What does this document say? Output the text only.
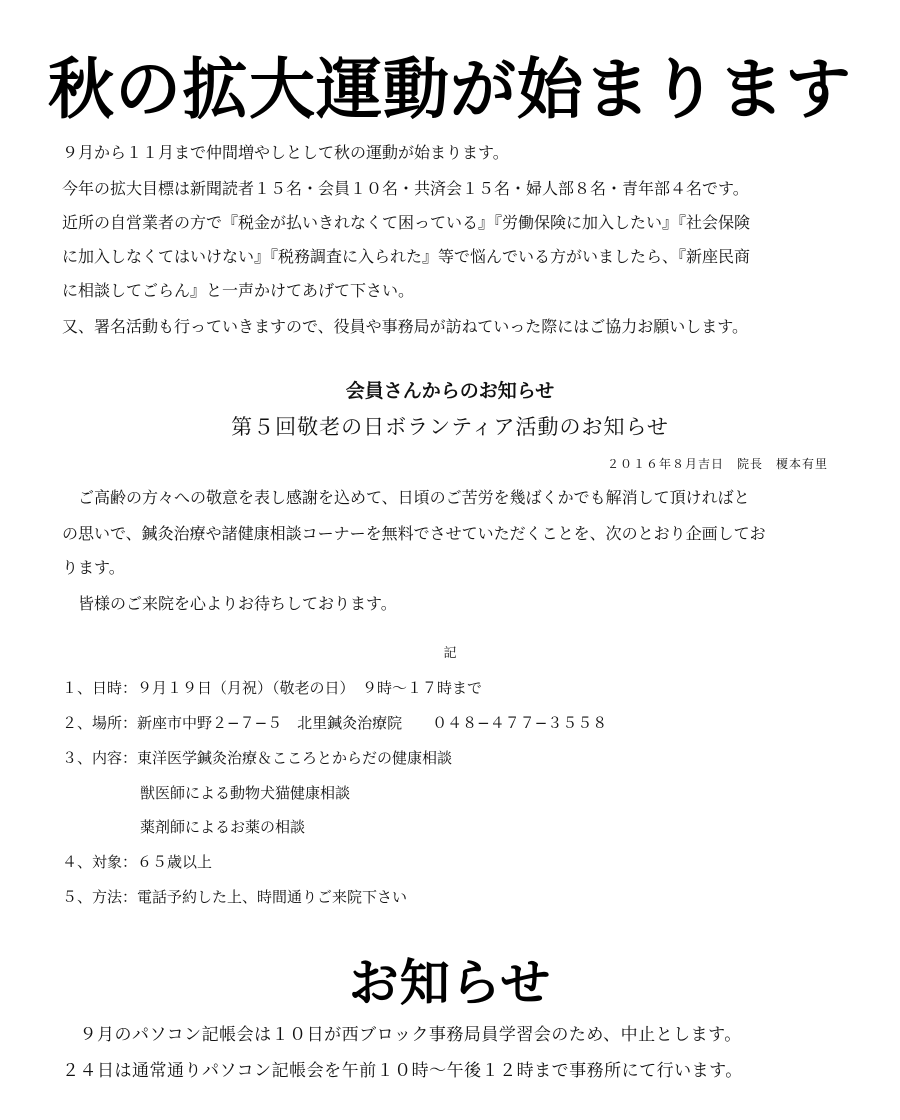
秋の拡大運動が始まります
９月から１１月まで仲間増やしとして秋の運動が始まります。
今年の拡大目標は新聞読者１５名・会員１０名・共済会１５名・婦人部８名・青年部４名です。
近所の自営業者の方で『税金が払いきれなくて困っている』『労働保険に加入したい』『社会保険
に加入しなくてはいけない』『税務調査に入られた』等で悩んでいる方がいましたら、『新座民商
に相談してごらん』と一声かけてあげて下さい。
又、署名活動も行っていきますので、役員や事務局が訪ねていった際にはご協力お願いします。
会員さんからのお知らせ
第５回敬老の日ボランティア活動のお知らせ
２０１６年８月吉日　院長　榎本有里
　ご高齢の方々への敬意を表し感謝を込めて、日頃のご苦労を幾ばくかでも解消して頂ければと
の思いで、鍼灸治療や諸健康相談コーナーを無料でさせていただくことを、次のとおり企画してお
ります。
　皆様のご来院を心よりお待ちしております。
記
１、日時：９月１９日（月祝）（敬老の日）　９時〜１７時まで
２、場所：新座市中野２−７−５　北里鍼灸治療院　　０４８−４７７−３５５８
３、内容：東洋医学鍼灸治療＆こころとからだの健康相談
獣医師による動物犬猫健康相談
薬剤師によるお薬の相談
４、対象：６５歳以上
５、方法：電話予約した上、時間通りご来院下さい
お知らせ
　９月のパソコン記帳会は１０日が西ブロック事務局員学習会のため、中止とします。
２４日は通常通りパソコン記帳会を午前１０時〜午後１２時まで事務所にて行います。
